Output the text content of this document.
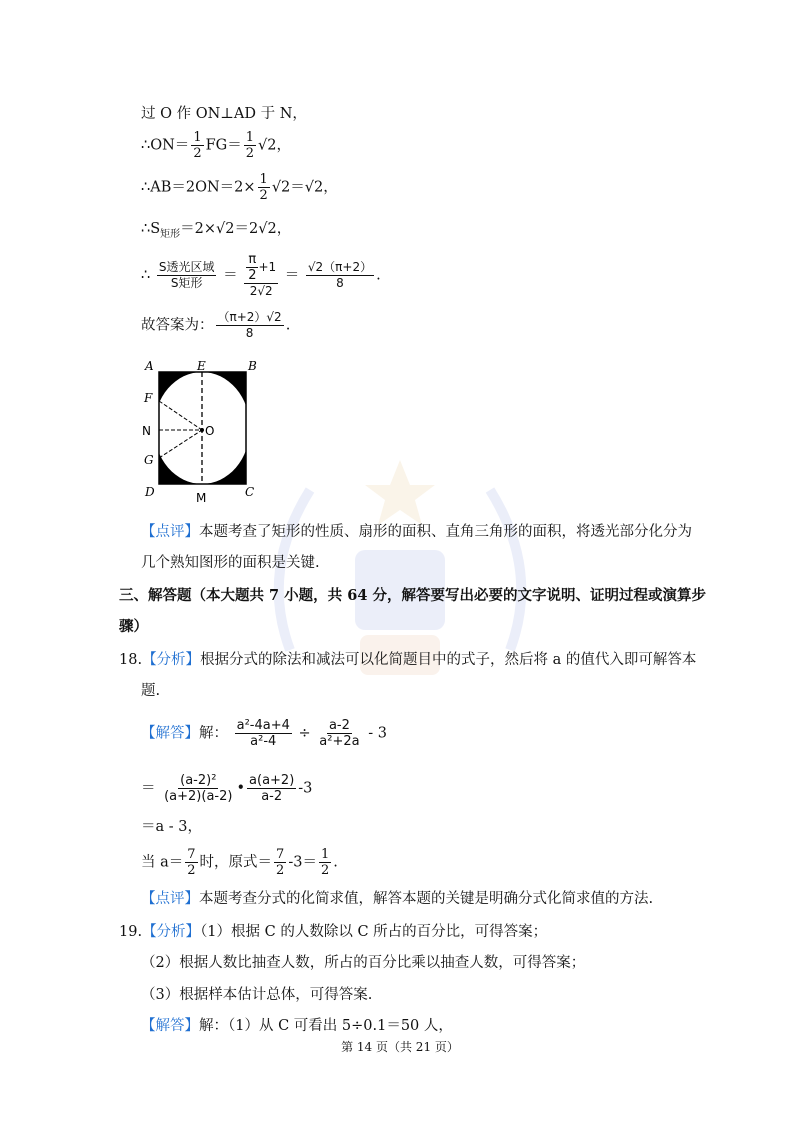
过 O 作 ON⊥AD 于 N，
∴ON＝ $\frac{1}{2} FG= \frac{1}{2} √2$，
∴AB＝2ON＝2× $\frac{1}{2} √2=√2$，
$\therefore S_{矩形}=2\times√2=2√2$，
∴ $\frac{\text{S透光区域}}{\text{S矩形}} = \frac{\frac{\pi}{2} +1}{2√2} = \frac{√2(\pi+2)}{8}$ .
故答案为： $\frac{(\pi+2)√2}{8}$ .
A	E	B
F
N	O
G
D	M	C
【点评】本题考查了矩形的性质、扇形的面积、直角三角形的面积，将透光部分化分为
几个熟知图形的面积是关键.
三、解答题（本大题共 7 小题，共 64 分，解答要写出必要的文字说明、证明过程或演算步
骤）
18.【分析】根据分式的除法和减法可以化简题目中的式子，然后将 a 的值代入即可解答本
题.
【解答】解： $\frac{\text{a²-4a+4}}{\text{a²-4}} \div \frac{a-2}{\text{a²+2a}} - 3$
＝ $\frac{\text{(a-2)²}}{(a+2)(a-2)}$ • $\frac{a(a+2)}{a-2} -3$
＝a - 3，
当 $a= \frac{7}{2}$ 时，原式＝ $\frac{7}{2} -3= \frac{1}{2}$ .
【点评】本题考查分式的化简求值，解答本题的关键是明确分式化简求值的方法.
19.【分析】（1）根据 C 的人数除以 C 所占的百分比，可得答案；
（2）根据人数比抽查人数，所占的百分比乘以抽查人数，可得答案；
（3）根据样本估计总体，可得答案.
【解答】解：（1）从 C 可看出 5÷0.1＝50 人，
第 14 页（共 21 页）
